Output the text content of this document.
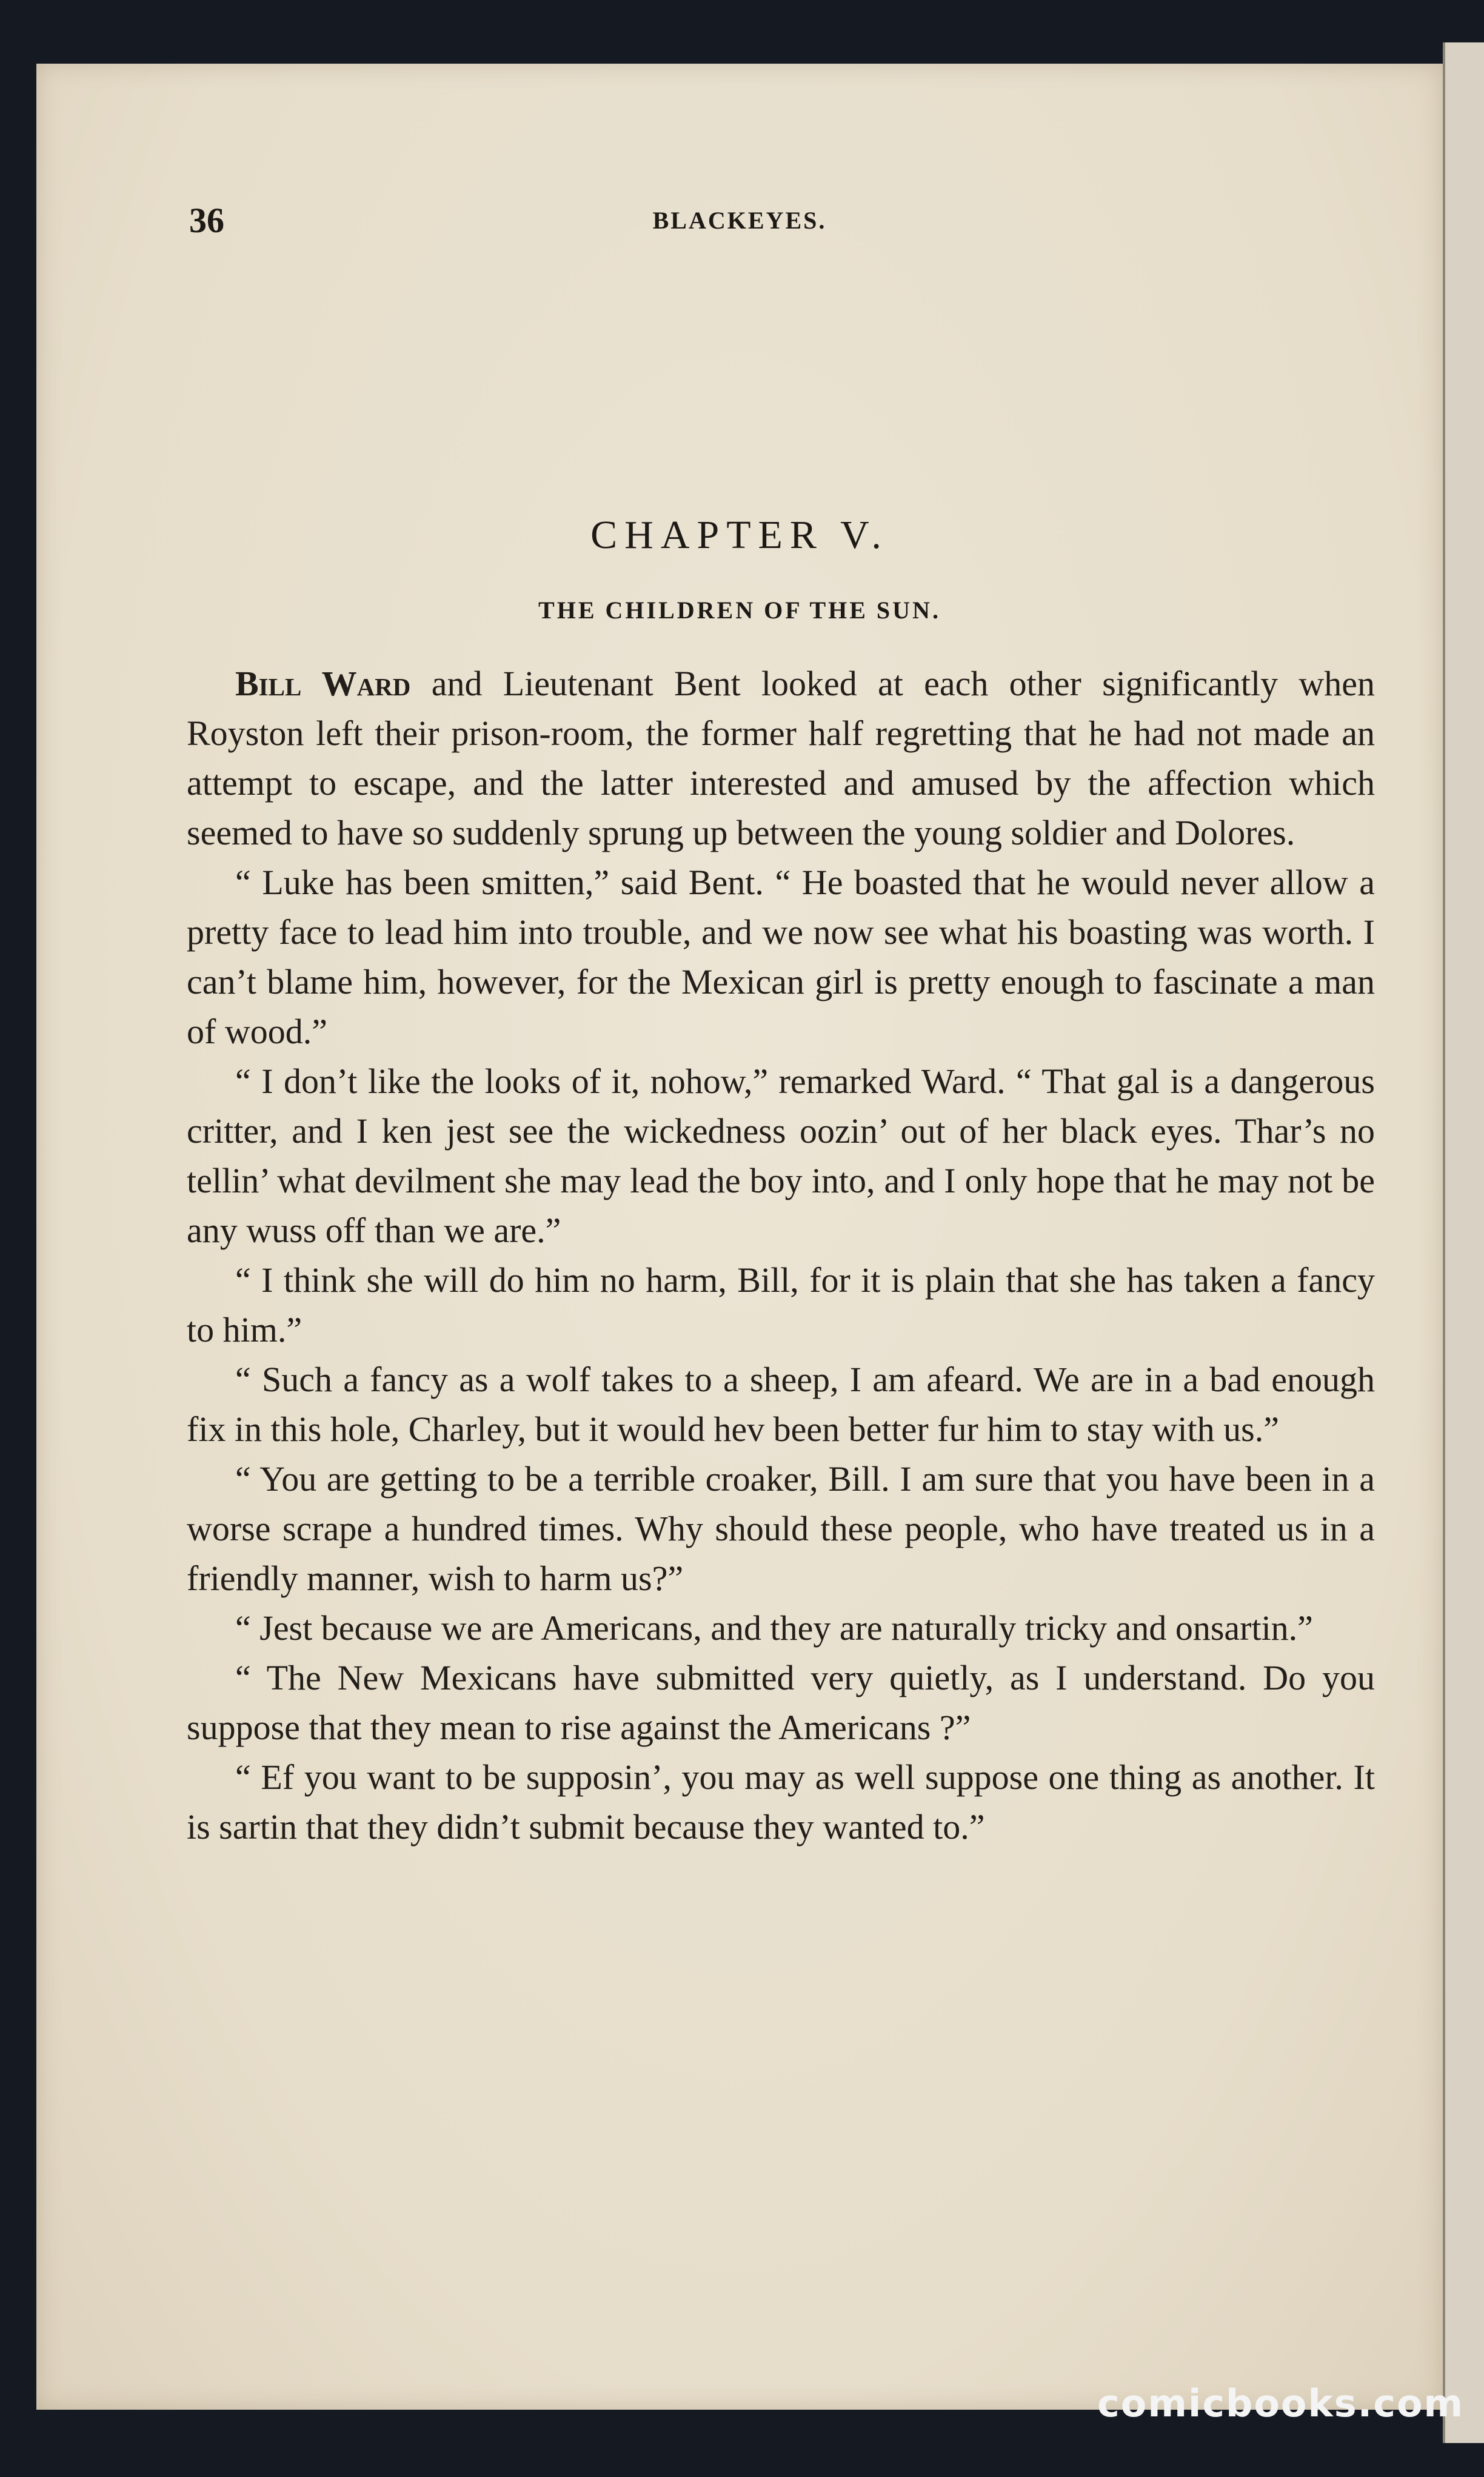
36	BLACKEYES.
CHAPTER V.
THE CHILDREN OF THE SUN.

Bill Ward and Lieutenant Bent looked at each other significantly when Royston left their prison-room, the former half regretting that he had not made an attempt to escape, and the latter interested and amused by the affection which seemed to have so suddenly sprung up between the young soldier and Dolores.

“ Luke has been smitten,” said Bent. “ He boasted that he would never allow a pretty face to lead him into trouble, and we now see what his boasting was worth. I can’t blame him, however, for the Mexican girl is pretty enough to fascinate a man of wood.”

“ I don’t like the looks of it, nohow,” remarked Ward. “ That gal is a dangerous critter, and I ken jest see the wickedness oozin’ out of her black eyes. Thar’s no tellin’ what devilment she may lead the boy into, and I only hope that he may not be any wuss off than we are.”

“ I think she will do him no harm, Bill, for it is plain that she has taken a fancy to him.”

“ Such a fancy as a wolf takes to a sheep, I am afeard. We are in a bad enough fix in this hole, Charley, but it would hev been better fur him to stay with us.”

“ You are getting to be a terrible croaker, Bill. I am sure that you have been in a worse scrape a hundred times. Why should these people, who have treated us in a friendly manner, wish to harm us?”

“ Jest because we are Americans, and they are naturally tricky and onsartin.”

“ The New Mexicans have submitted very quietly, as I understand. Do you suppose that they mean to rise against the Americans ?”

“ Ef you want to be supposin’, you may as well suppose one thing as another. It is sartin that they didn’t submit because they wanted to.”

comicbooks.com
